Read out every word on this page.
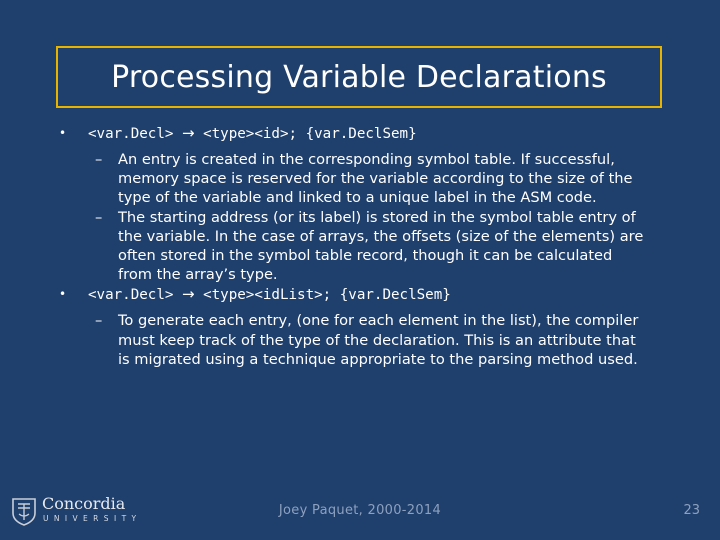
Processing Variable Declarations
• <var.Decl> → <type><id>; {var.DeclSem}
– An entry is created in the corresponding symbol table. If successful, memory space is reserved for the variable according to the size of the type of the variable and linked to a unique label in the ASM code.
– The starting address (or its label) is stored in the symbol table entry of the variable. In the case of arrays, the offsets (size of the elements) are often stored in the symbol table record, though it can be calculated from the array’s type.
• <var.Decl> → <type><idList>; {var.DeclSem}
– To generate each entry, (one for each element in the list), the compiler must keep track of the type of the declaration. This is an attribute that is migrated using a technique appropriate to the parsing method used.
Concordia
UNIVERSITY
Joey Paquet, 2000-2014	23
